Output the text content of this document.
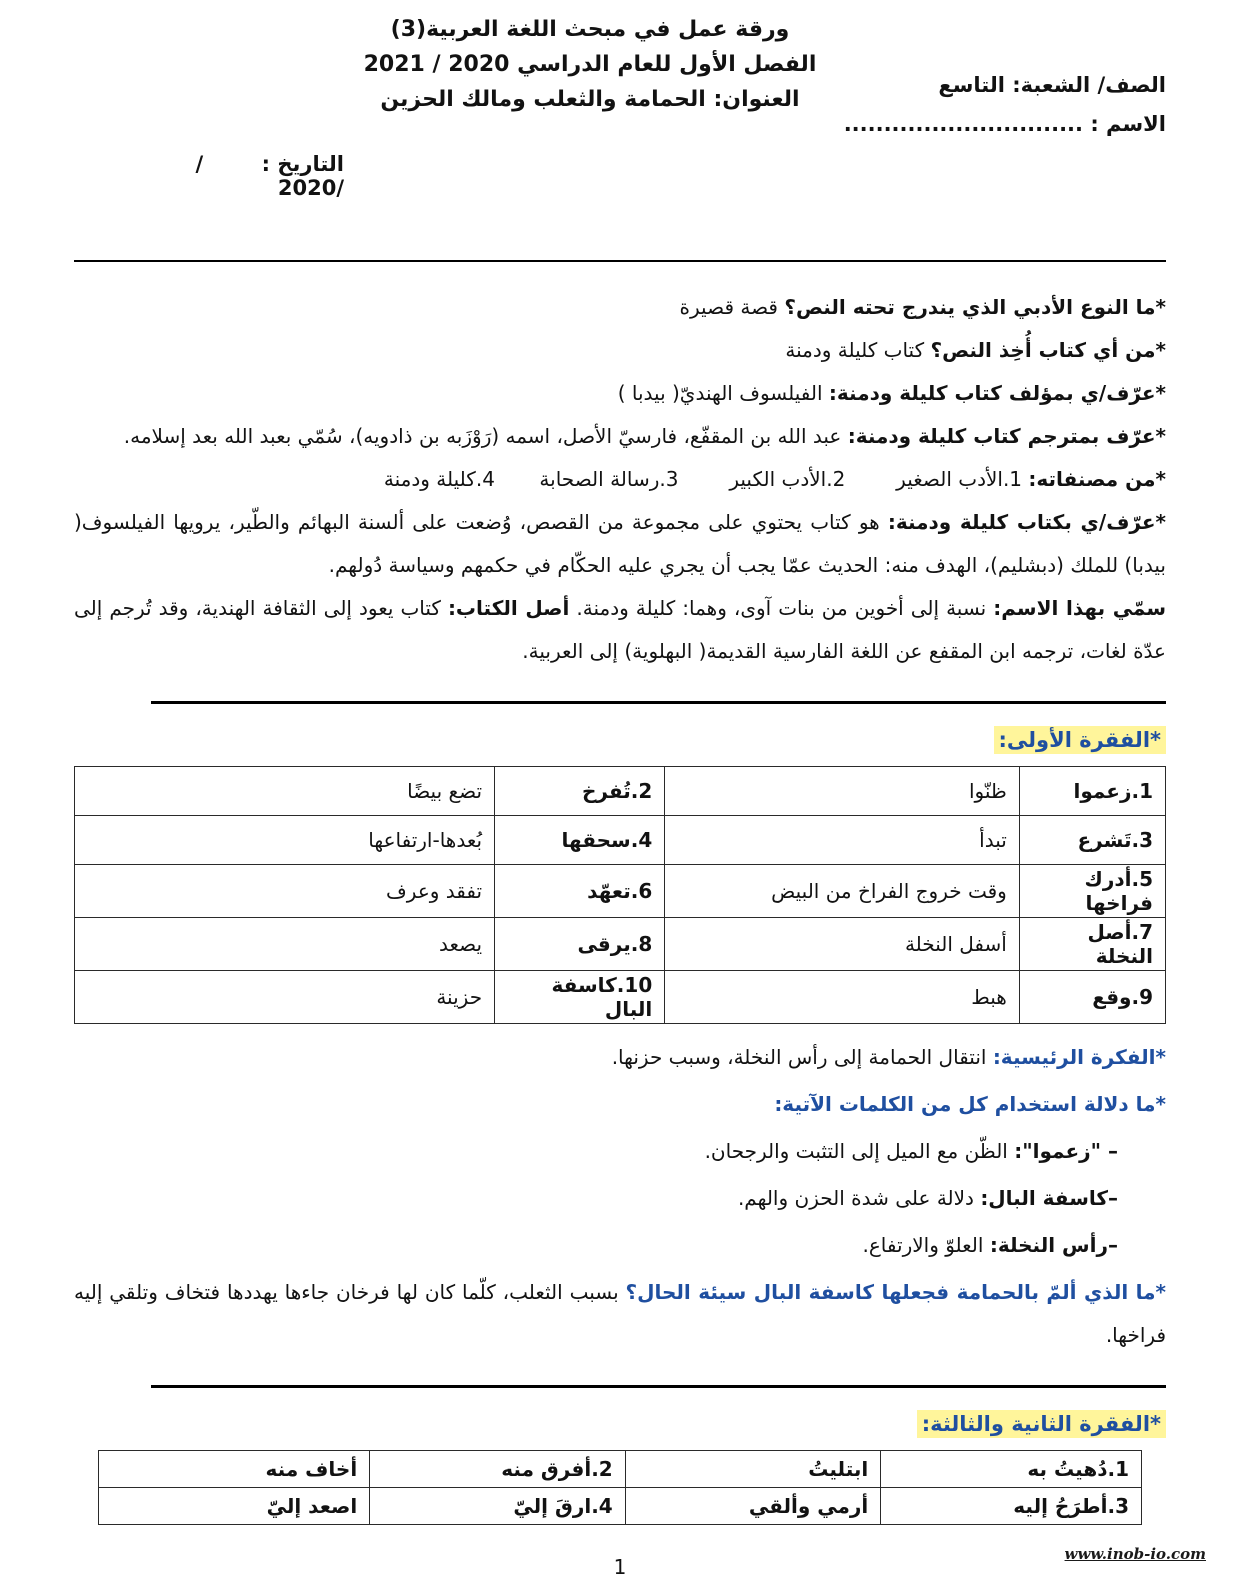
الصف/ الشعبة: التاسع
الاسم : ..............................
ورقة عمل في مبحث اللغة العربية(3)
الفصل الأول للعام الدراسي 2020 / 2021
العنوان: الحمامة والثعلب ومالك الحزين

التاريخ :        /        /2020

*ما النوع الأدبي الذي يندرج تحته النص؟ قصة قصيرة

*من أي كتاب أُخِذ النص؟ كتاب كليلة ودمنة

*عرّف/ي بمؤلف كتاب كليلة ودمنة: الفيلسوف الهنديّ( بيدبا )

*عرّف بمترجم كتاب كليلة ودمنة: عبد الله بن المقفّع، فارسيّ الأصل، اسمه (رَوْزَبه بن ذادويه)، سُمّي بعبد الله بعد إسلامه.

*من مصنفاته: 1.الأدب الصغير        2.الأدب الكبير        3.رسالة الصحابة       4.كليلة ودمنة

*عرّف/ي بكتاب كليلة ودمنة: هو كتاب يحتوي على مجموعة من القصص، وُضعت على ألسنة البهائم والطّير، يرويها الفيلسوف( بيدبا) للملك (دبشليم)، الهدف منه: الحديث عمّا يجب أن يجري عليه الحكّام في حكمهم وسياسة دُولهم.

سمّي بهذا الاسم: نسبة إلى أخوين من بنات آوى، وهما: كليلة ودمنة. أصل الكتاب: كتاب يعود إلى الثقافة الهندية، وقد تُرجم إلى عدّة لغات، ترجمه ابن المقفع عن اللغة الفارسية القديمة( البهلوية) إلى العربية.

*الفقرة الأولى:
1.زعموا	ظنّوا	2.تُفرخ	تضع بيضًا
3.تَشرع	تبدأ	4.سحقها	بُعدها-ارتفاعها
5.أدرك فراخها	وقت خروج الفراخ من البيض	6.تعهّد	تفقد وعرف
7.أصل النخلة	أسفل النخلة	8.يرقى	يصعد
9.وقع	هبط	10.كاسفة البال	حزينة

*الفكرة الرئيسية: انتقال الحمامة إلى رأس النخلة، وسبب حزنها.

*ما دلالة استخدام كل من الكلمات الآتية:

– "زعموا": الظّن مع الميل إلى التثبت والرجحان.

–كاسفة البال: دلالة على شدة الحزن والهم.

–رأس النخلة: العلوّ والارتفاع.

*ما الذي ألمّ بالحمامة فجعلها كاسفة البال سيئة الحال؟ بسبب الثعلب، كلّما كان لها فرخان جاءها يهددها فتخاف وتلقي إليه فراخها.

*الفقرة الثانية والثالثة:
1.دُهيتُ به	ابتليتُ	2.أفرق منه	أخاف منه
3.أطرَحُ إليه	أرمي وألقي	4.ارقَ إليّ	اصعد إليّ
1
www.inob-io.com
